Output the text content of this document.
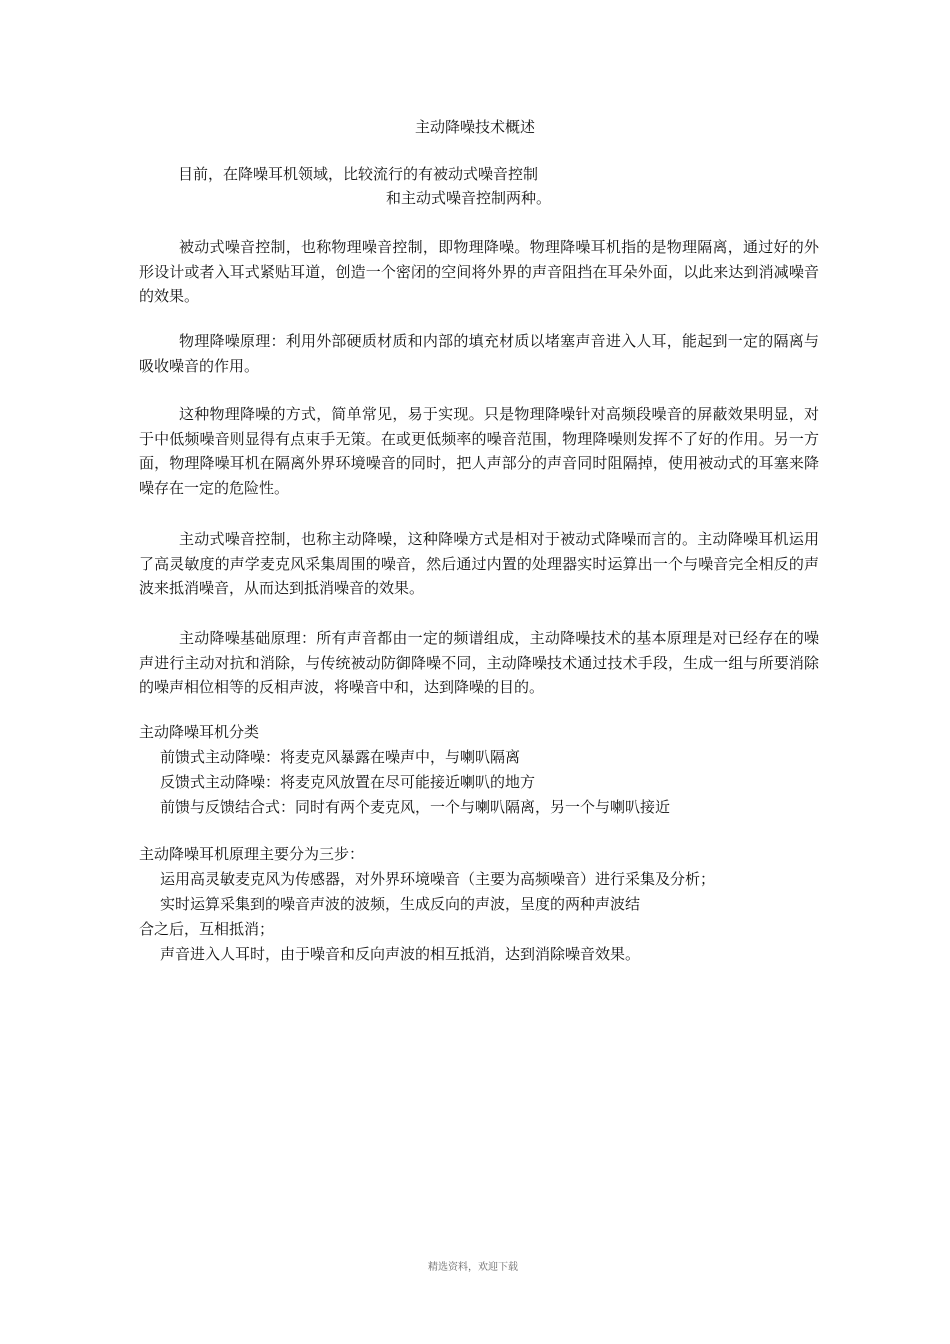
主动降噪技术概述
目前，在降噪耳机领域，比较流行的有被动式噪音控制
和主动式噪音控制两种。

被动式噪音控制，也称物理噪音控制，即物理降噪。物理降噪耳机指的是物理隔离，通过好的外形设计或者入耳式紧贴耳道，创造一个密闭的空间将外界的声音阻挡在耳朵外面，以此来达到消减噪音的效果。

物理降噪原理：利用外部硬质材质和内部的填充材质以堵塞声音进入人耳，能起到一定的隔离与吸收噪音的作用。

这种物理降噪的方式，简单常见，易于实现。只是物理降噪针对高频段噪音的屏蔽效果明显，对于中低频噪音则显得有点束手无策。在或更低频率的噪音范围，物理降噪则发挥不了好的作用。另一方面，物理降噪耳机在隔离外界环境噪音的同时，把人声部分的声音同时阻隔掉，使用被动式的耳塞来降噪存在一定的危险性。

主动式噪音控制，也称主动降噪，这种降噪方式是相对于被动式降噪而言的。主动降噪耳机运用了高灵敏度的声学麦克风采集周围的噪音，然后通过内置的处理器实时运算出一个与噪音完全相反的声波来抵消噪音，从而达到抵消噪音的效果。

主动降噪基础原理：所有声音都由一定的频谱组成，主动降噪技术的基本原理是对已经存在的噪声进行主动对抗和消除，与传统被动防御降噪不同，主动降噪技术通过技术手段，生成一组与所要消除的噪声相位相等的反相声波，将噪音中和，达到降噪的目的。

主动降噪耳机分类
前馈式主动降噪：将麦克风暴露在噪声中，与喇叭隔离
反馈式主动降噪：将麦克风放置在尽可能接近喇叭的地方
前馈与反馈结合式：同时有两个麦克风，一个与喇叭隔离，另一个与喇叭接近
主动降噪耳机原理主要分为三步：
运用高灵敏麦克风为传感器，对外界环境噪音（主要为高频噪音）进行采集及分析；
实时运算采集到的噪音声波的波频，生成反向的声波，呈度的两种声波结
合之后，互相抵消；
声音进入人耳时，由于噪音和反向声波的相互抵消，达到消除噪音效果。
精选资料，欢迎下载
